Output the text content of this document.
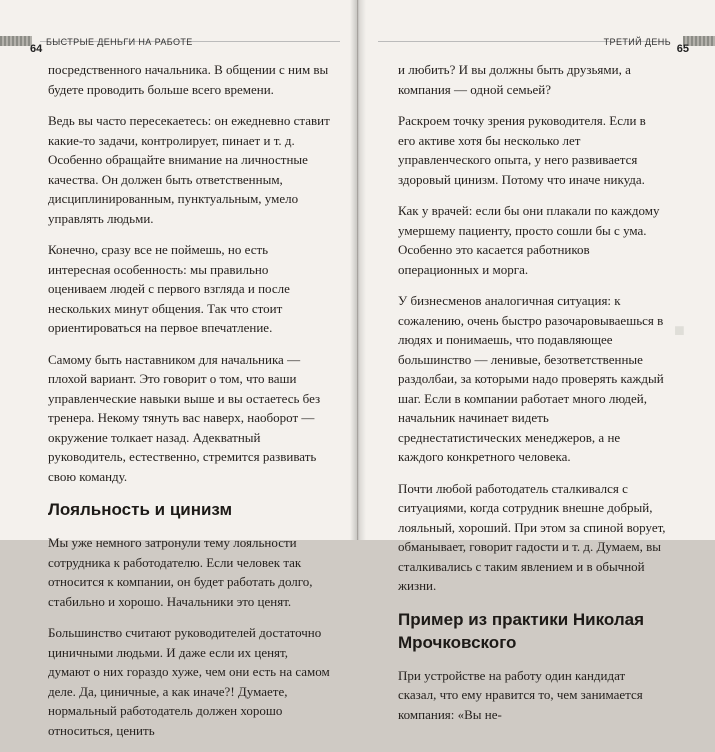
64
БЫСТРЫЕ ДЕНЬГИ НА РАБОТЕ

посредственного начальника. В общении с ним вы будете проводить больше всего времени.

Ведь вы часто пересекаетесь: он ежедневно ставит какие-то задачи, контролирует, пинает и т. д. Особенно обращайте внимание на личностные качества. Он должен быть ответственным, дисциплинированным, пунктуальным, умело управлять людьми.

Конечно, сразу все не поймешь, но есть интересная особенность: мы правильно оцениваем людей с первого взгляда и после нескольких минут общения. Так что стоит ориентироваться на первое впечатление.

Самому быть наставником для начальника — плохой вариант. Это говорит о том, что ваши управленческие навыки выше и вы остаетесь без тренера. Некому тянуть вас наверх, наоборот — окружение толкает назад. Адекватный руководитель, естественно, стремится развивать свою команду.

Лояльность и цинизм

Мы уже немного затронули тему лояльности сотрудника к работодателю. Если человек так относится к компании, он будет работать долго, стабильно и хорошо. Начальники это ценят.

Большинство считают руководителей достаточно циничными людьми. И даже если их ценят, думают о них гораздо хуже, чем они есть на самом деле. Да, циничные, а как иначе?! Думаете, нормальный работодатель должен хорошо относиться, ценить

65
ТРЕТИЙ ДЕНЬ
■

и любить? И вы должны быть друзьями, а компания — одной семьей?

Раскроем точку зрения руководителя. Если в его активе хотя бы несколько лет управленческого опыта, у него развивается здоровый цинизм. Потому что иначе никуда.

Как у врачей: если бы они плакали по каждому умершему пациенту, просто сошли бы с ума. Особенно это касается работников операционных и морга.

У бизнесменов аналогичная ситуация: к сожалению, очень быстро разочаровываешься в людях и понимаешь, что подавляющее большинство — ленивые, безответственные раздолбаи, за которыми надо проверять каждый шаг. Если в компании работает много людей, начальник начинает видеть среднестатистических менеджеров, а не каждого конкретного человека.

Почти любой работодатель сталкивался с ситуациями, когда сотрудник внешне добрый, лояльный, хороший. При этом за спиной ворует, обманывает, говорит гадости и т. д. Думаем, вы сталкивались с таким явлением и в обычной жизни.

Пример из практики Николая Мрочковского

При устройстве на работу один кандидат сказал, что ему нравится то, чем занимается компания: «Вы не-
